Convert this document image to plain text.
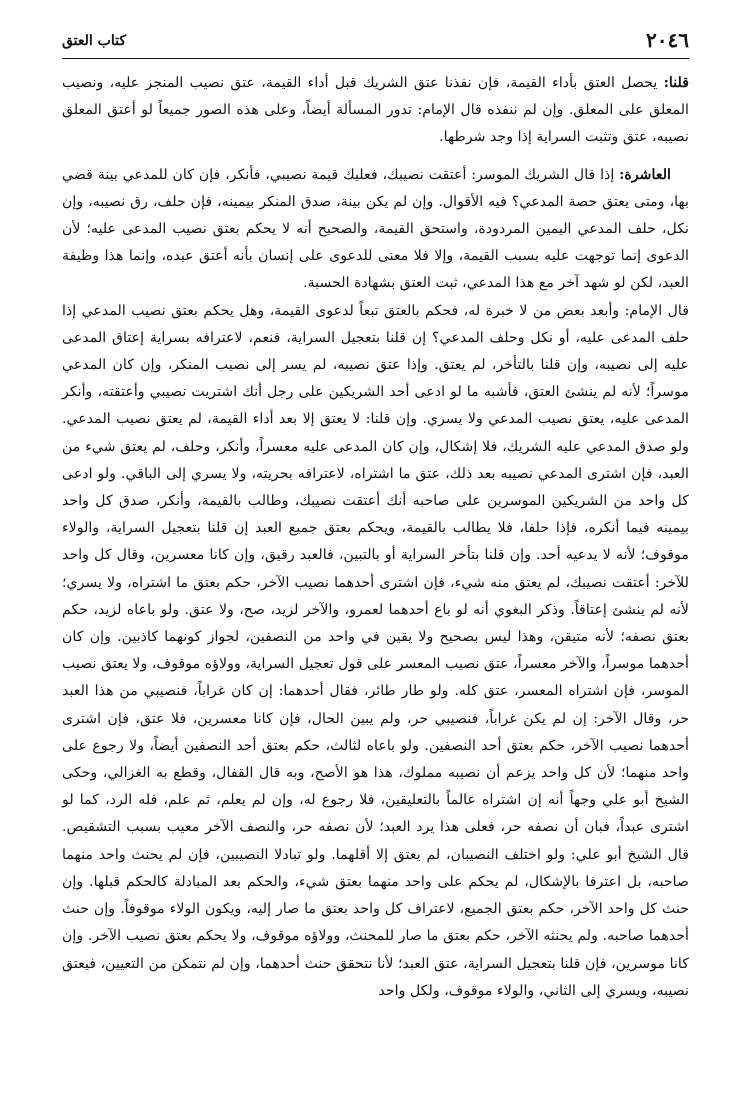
٢٠٤٦
كتاب العتق

قلنا: يحصل العتق بأداء القيمة، فإن نفذنا عتق الشريك قبل أداء القيمة، عتق نصيب المنجز عليه، ونصيب المعلق على المعلق. وإن لم ننفذه قال الإمام: تدور المسألة أيضاً، وعلى هذه الصور جميعاً لو أعتق المعلق نصيبه، عتق وتثبت السراية إذا وجد شرطها.

العاشرة: إذا قال الشريك الموسر: أعتقت نصيبك، فعليك قيمة نصيبي، فأنكر، فإن كان للمدعي بينة قضي بها، ومتى يعتق حصة المدعي؟ فيه الأقوال. وإن لم يكن بينة، صدق المنكر بيمينه، فإن حلف، رق نصيبه، وإن نكل، حلف المدعي اليمين المردودة، واستحق القيمة، والصحيح أنه لا يحكم بعتق نصيب المدعى عليه؛ لأن الدعوى إنما توجهت عليه بسبب القيمة، وإلا فلا معنى للدعوى على إنسان بأنه أعتق عبده، وإنما هذا وظيفة العبد، لكن لو شهد آخر مع هذا المدعي، ثبت العتق بشهادة الحسبة.

قال الإمام: وأبعد بعض من لا خبرة له، فحكم بالعتق تبعاً لدعوى القيمة، وهل يحكم بعتق نصيب المدعي إذا حلف المدعى عليه، أو نكل وحلف المدعي؟ إن قلنا بتعجيل السراية، فنعم، لاعترافه بسراية إعتاق المدعى عليه إلى نصيبه، وإن قلنا بالتأخر، لم يعتق. وإذا عتق نصيبه، لم يسر إلى نصيب المنكر، وإن كان المدعي موسراً؛ لأنه لم ينشئ العتق، فأشبه ما لو ادعى أحد الشريكين على رجل أنك اشتريت نصيبي وأعتقته، وأنكر المدعى عليه، يعتق نصيب المدعي ولا يسري. وإن قلنا: لا يعتق إلا بعد أداء القيمة، لم يعتق نصيب المدعي. ولو صدق المدعي عليه الشريك، فلا إشكال، وإن كان المدعى عليه معسراً، وأنكر، وحلف، لم يعتق شيء من العبد، فإن اشترى المدعي نصيبه بعد ذلك، عتق ما اشتراه، لاعترافه بحريته، ولا يسري إلى الباقي. ولو ادعى كل واحد من الشريكين الموسرين على صاحبه أنك أعتقت نصيبك، وطالب بالقيمة، وأنكر، صدق كل واحد بيمينه فيما أنكره، فإذا حلفا، فلا يطالب بالقيمة، ويحكم بعتق جميع العبد إن قلنا بتعجيل السراية، والولاء موقوف؛ لأنه لا يدعيه أحد. وإن قلنا بتأخر السراية أو بالتبين، فالعبد رقيق، وإن كانا معسرين، وقال كل واحد للآخر: أعتقت نصيبك، لم يعتق منه شيء، فإن اشترى أحدهما نصيب الآخر، حكم بعتق ما اشتراه، ولا يسري؛ لأنه لم ينشئ إعتاقاً. وذكر البغوي أنه لو باع أحدهما لعمرو، والآخر لزيد، صح، ولا عتق. ولو باعاه لزيد، حكم بعتق نصفه؛ لأنه متيقن، وهذا ليس بصحيح ولا يقين في واحد من النصفين، لجواز كونهما كاذبين. وإن كان أحدهما موسراً، والآخر معسراً، عتق نصيب المعسر على قول تعجيل السراية، وولاؤه موقوف، ولا يعتق نصيب الموسر، فإن اشتراه المعسر، عتق كله. ولو طار طائر، فقال أحدهما: إن كان غراباً، فنصيبي من هذا العبد حر، وقال الآخر: إن لم يكن غراباً، فنصيبي حر، ولم يبين الحال، فإن كانا معسرين، فلا عتق، فإن اشترى أحدهما نصيب الآخر، حكم بعتق أحد النصفين. ولو باعاه لثالث، حكم بعتق أحد النصفين أيضاً، ولا رجوع على واحد منهما؛ لأن كل واحد يزعم أن نصيبه مملوك، هذا هو الأصح، وبه قال القفال، وقطع به الغزالي، وحكى الشيخ أبو علي وجهاً أنه إن اشتراه عالماً بالتعليقين، فلا رجوع له، وإن لم يعلم، ثم علم، فله الرد، كما لو اشترى عبداً، فبان أن نصفه حر، فعلى هذا يرد العبد؛ لأن نصفه حر، والنصف الآخر معيب بسبب التشقيص. قال الشيخ أبو علي: ولو اختلف النصيبان، لم يعتق إلا أقلهما. ولو تبادلا النصيبين، فإن لم يحنث واحد منهما صاحبه، بل اعترفا بالإشكال، لم يحكم على واحد منهما بعتق شيء، والحكم بعد المبادلة كالحكم قبلها. وإن حنث كل واحد الآخر، حكم بعتق الجميع، لاعتراف كل واحد بعتق ما صار إليه، ويكون الولاء موقوفاً. وإن حنث أحدهما صاحبه. ولم يحنثه الآخر، حكم بعتق ما صار للمحنث، وولاؤه موقوف، ولا يحكم بعتق نصيب الآخر. وإن كانا موسرين، فإن قلنا بتعجيل السراية، عتق العبد؛ لأنا نتحقق حنث أحدهما، وإن لم نتمكن من التعيين، فيعتق نصيبه، ويسري إلى الثاني، والولاء موقوف، ولكل واحد
